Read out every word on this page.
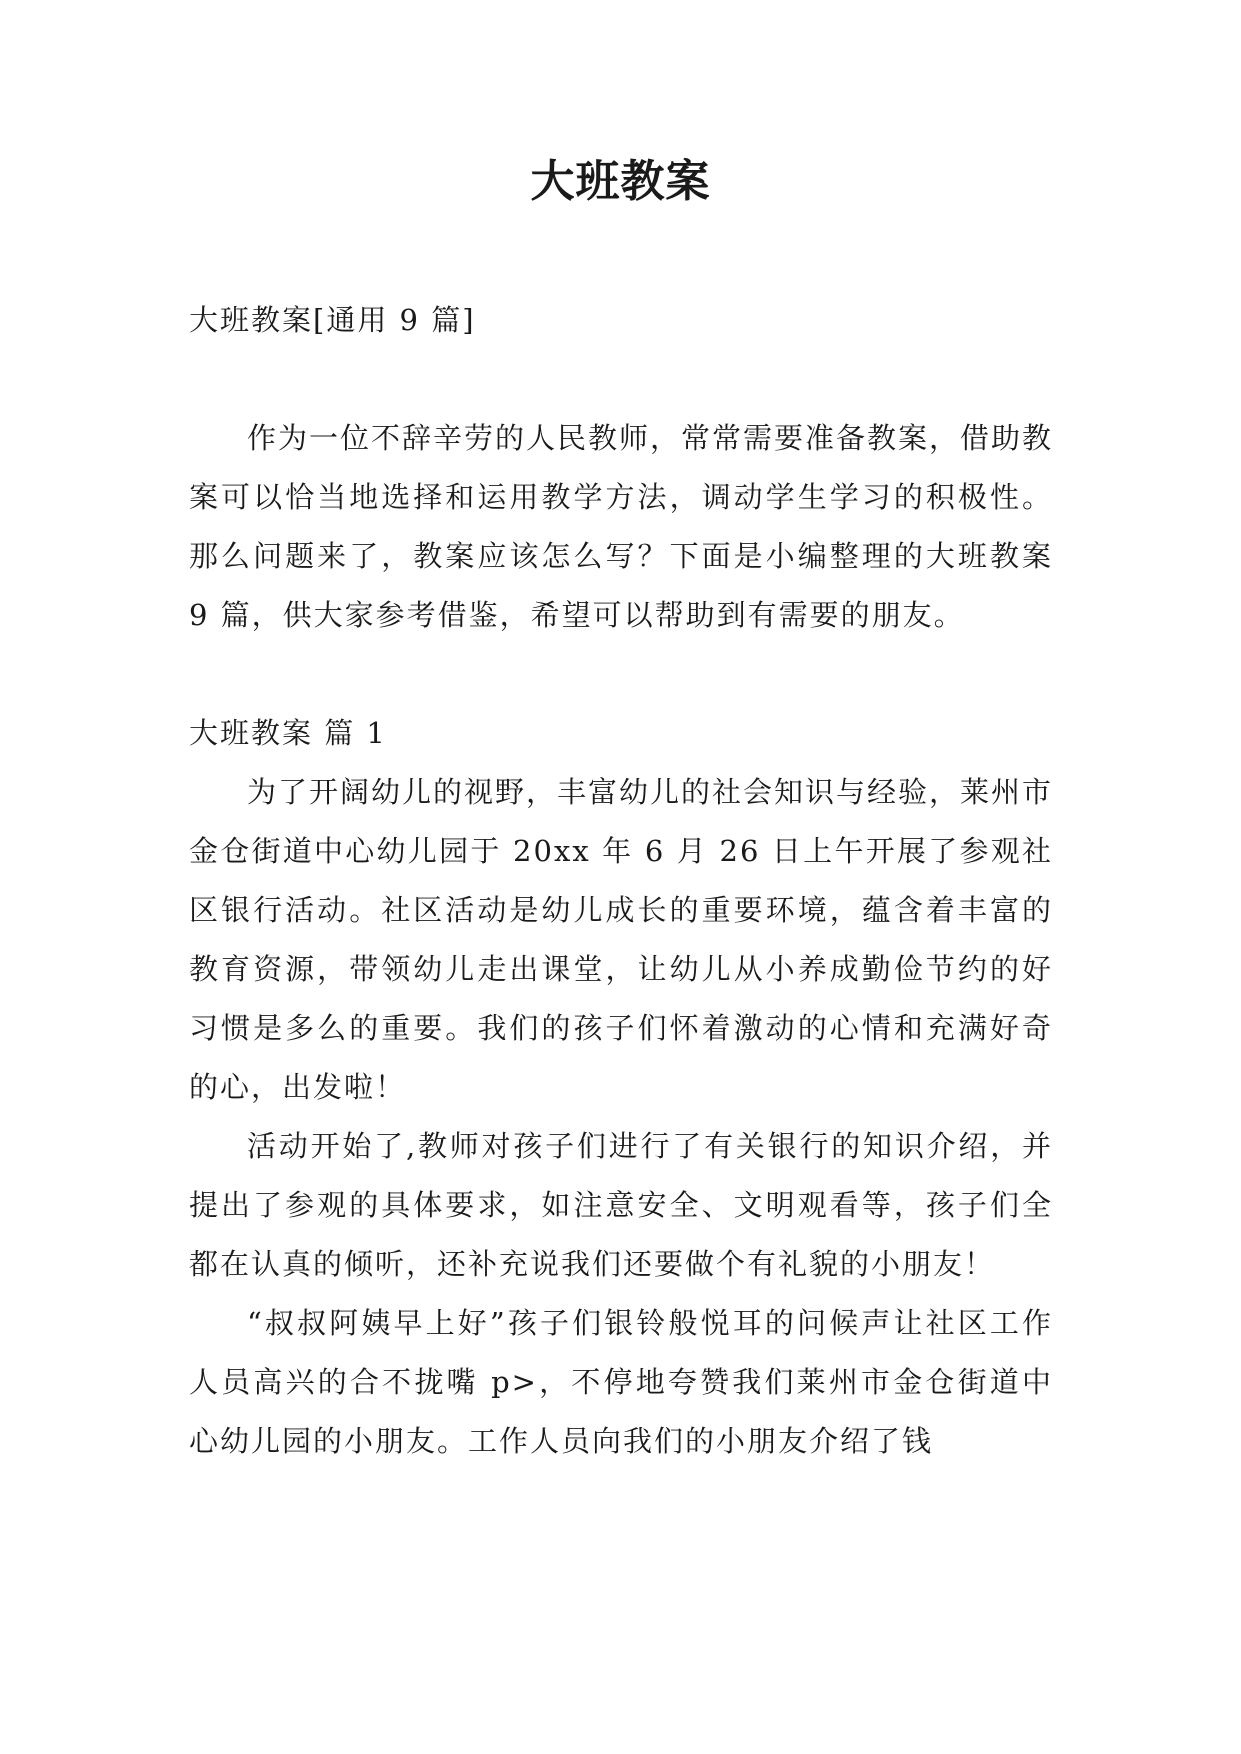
大班教案

大班教案[通用 9 篇]

作为一位不辞辛劳的人民教师，常常需要准备教案，借助教案可以恰当地选择和运用教学方法，调动学生学习的积极性。那么问题来了，教案应该怎么写？下面是小编整理的大班教案 9 篇，供大家参考借鉴，希望可以帮助到有需要的朋友。

大班教案 篇 1

为了开阔幼儿的视野，丰富幼儿的社会知识与经验，莱州市金仓街道中心幼儿园于 20xx 年 6 月 26 日上午开展了参观社区银行活动。社区活动是幼儿成长的重要环境，蕴含着丰富的教育资源，带领幼儿走出课堂，让幼儿从小养成勤俭节约的好习惯是多么的重要。我们的孩子们怀着激动的心情和充满好奇的心，出发啦！

活动开始了,教师对孩子们进行了有关银行的知识介绍，并提出了参观的具体要求，如注意安全、文明观看等，孩子们全都在认真的倾听，还补充说我们还要做个有礼貌的小朋友！

“叔叔阿姨早上好”孩子们银铃般悦耳的问候声让社区工作人员高兴的合不拢嘴 p>，不停地夸赞我们莱州市金仓街道中心幼儿园的小朋友。工作人员向我们的小朋友介绍了钱
